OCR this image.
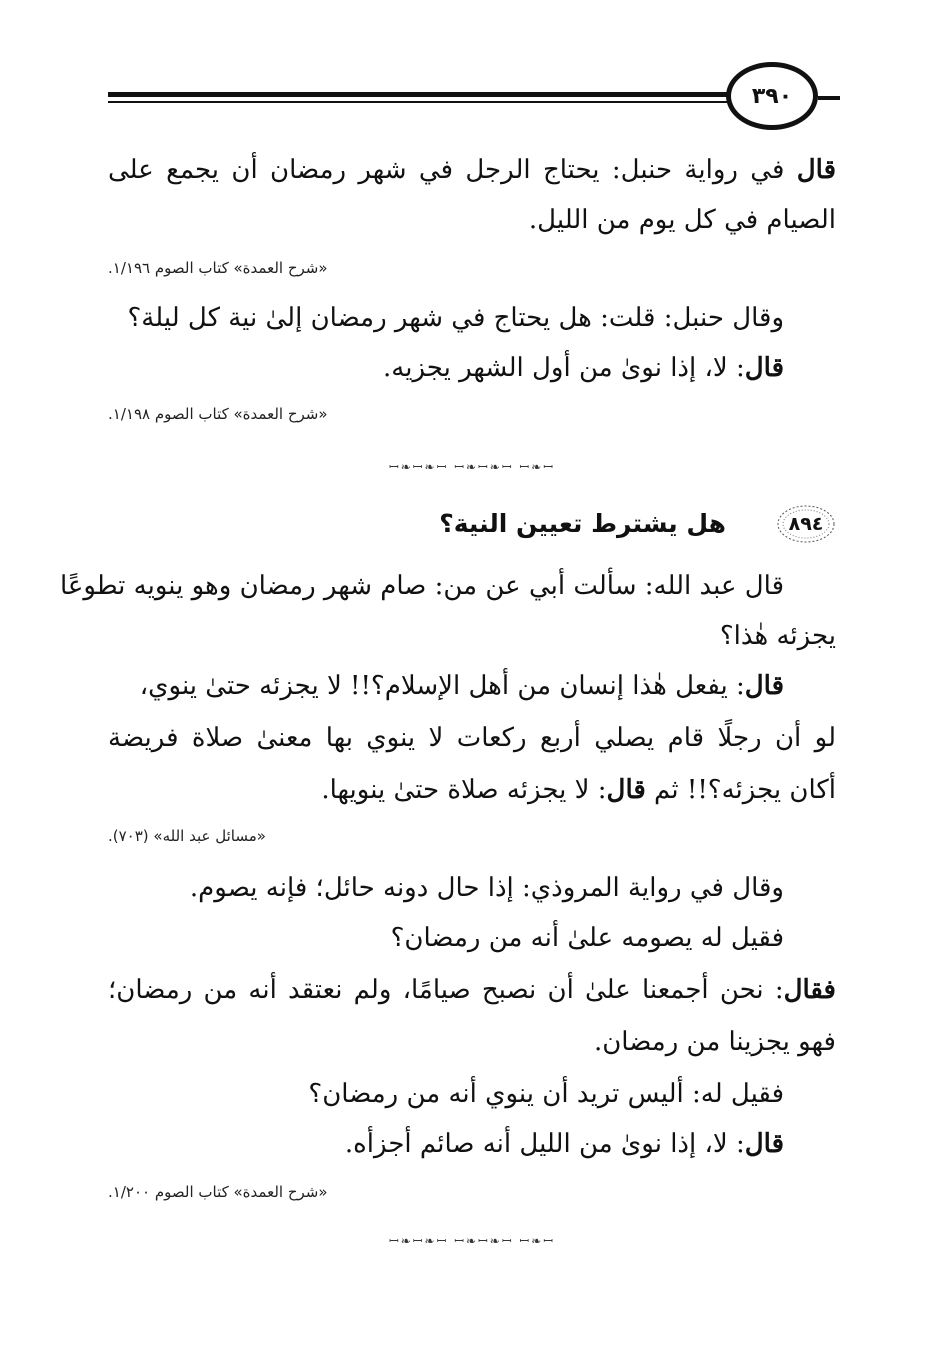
٣٩٠
قال في رواية حنبل: يحتاج الرجل في شهر رمضان أن يجمع على
الصيام في كل يوم من الليل.
«شرح العمدة» كتاب الصوم ١/١٩٦.
وقال حنبل: قلت: هل يحتاج في شهر رمضان إلىٰ نية كل ليلة؟
قال: لا، إذا نوىٰ من أول الشهر يجزيه.
«شرح العمدة» كتاب الصوم ١/١٩٨.
ꟷ❧ꟷ❧ꟷ ꟷ❧ꟷ❧ꟷ ꟷ❧ꟷ
٨٩٤
هل يشترط تعيين النية؟
قال عبد الله: سألت أبي عن من: صام شهر رمضان وهو ينويه تطوعًا
يجزئه هٰذا؟
قال: يفعل هٰذا إنسان من أهل الإسلام؟!! لا يجزئه حتىٰ ينوي،
لو أن رجلًا قام يصلي أربع ركعات لا ينوي بها معنىٰ صلاة فريضة
أكان يجزئه؟!! ثم قال: لا يجزئه صلاة حتىٰ ينويها.
«مسائل عبد الله» (٧٠٣).
وقال في رواية المروذي: إذا حال دونه حائل؛ فإنه يصوم.
فقيل له يصومه علىٰ أنه من رمضان؟
فقال: نحن أجمعنا علىٰ أن نصبح صيامًا، ولم نعتقد أنه من رمضان؛
فهو يجزينا من رمضان.
فقيل له: أليس تريد أن ينوي أنه من رمضان؟
قال: لا، إذا نوىٰ من الليل أنه صائم أجزأه.
«شرح العمدة» كتاب الصوم ١/٢٠٠.
ꟷ❧ꟷ❧ꟷ ꟷ❧ꟷ❧ꟷ ꟷ❧ꟷ
